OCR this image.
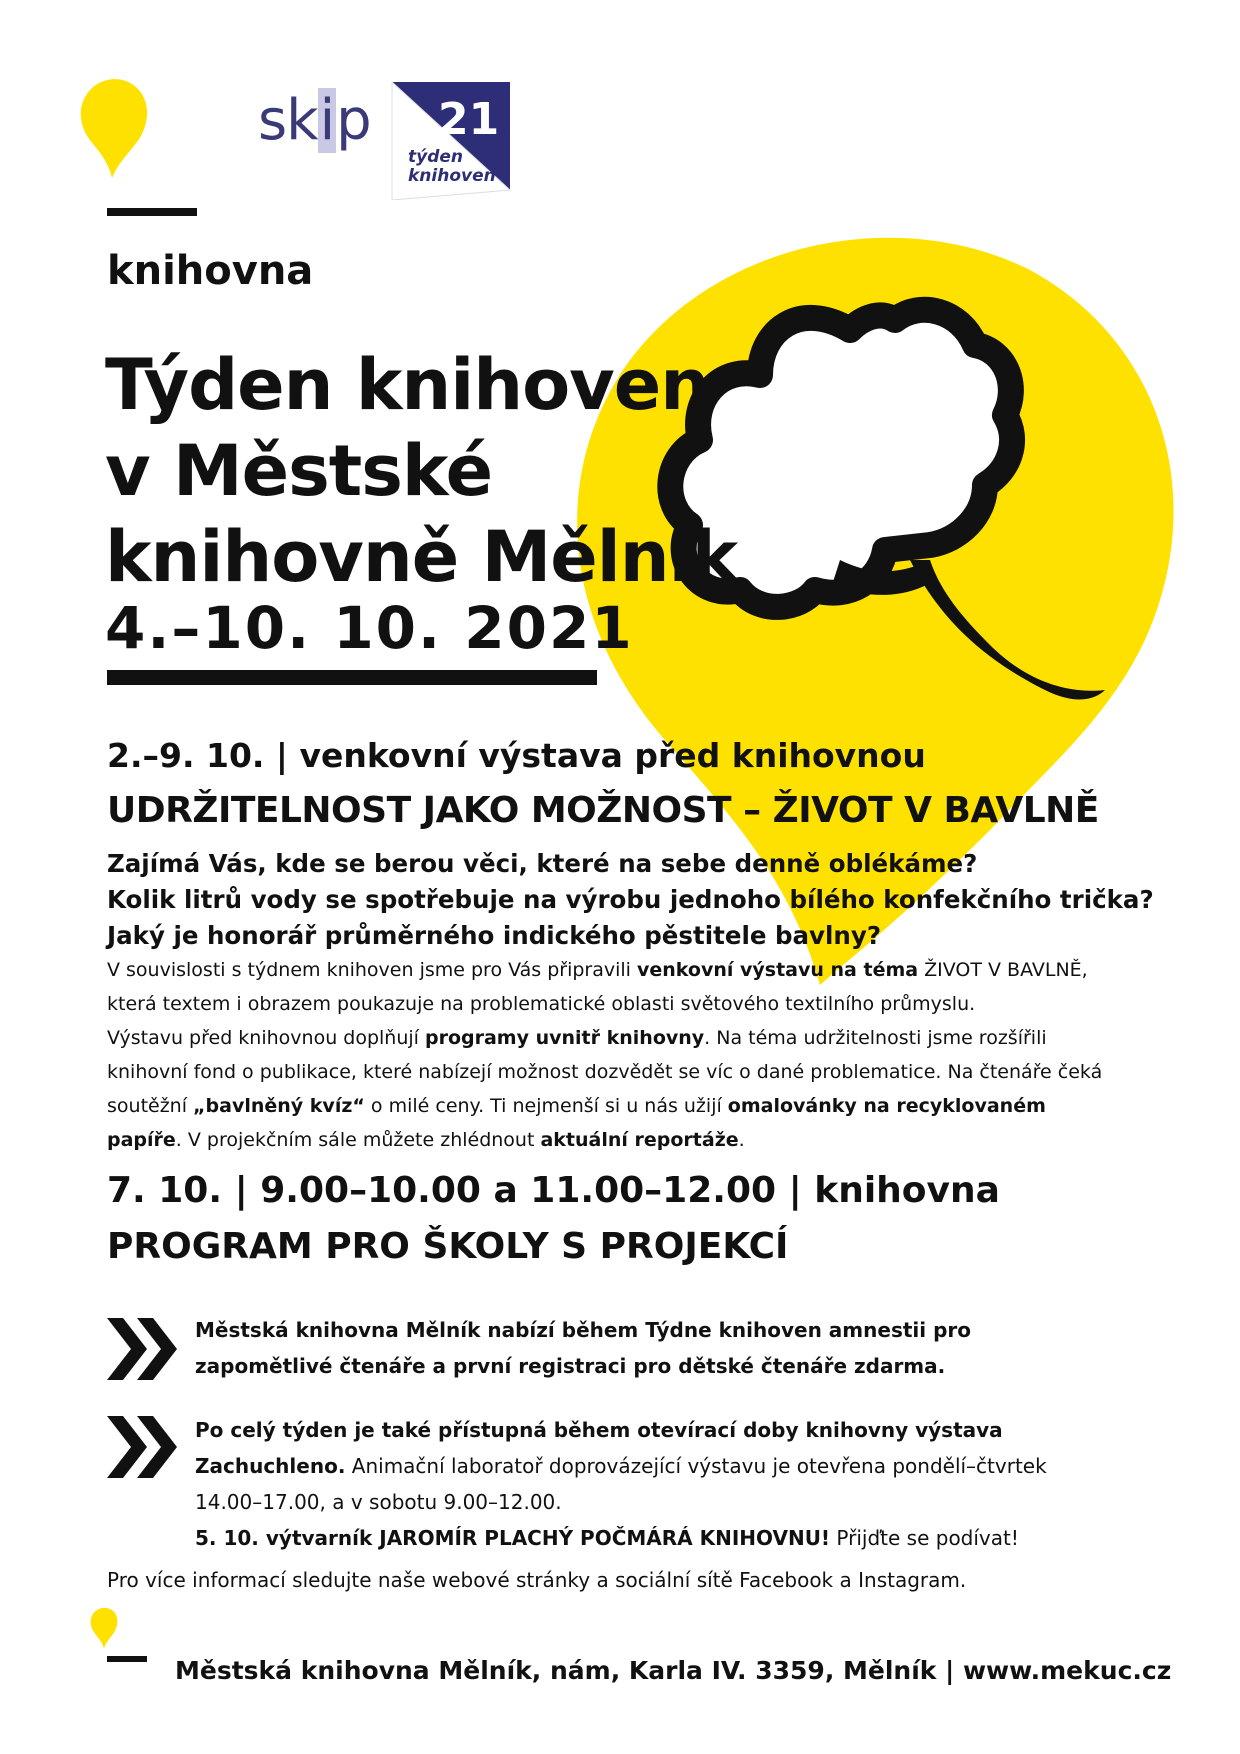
skip 21
týden
knihoven
knihovna
Týden knihoven
v Městské
knihovně Mělník
4.–10. 10. 2021
2.–9. 10. | venkovní výstava před knihovnou
UDRŽITELNOST JAKO MOŽNOST – ŽIVOT V BAVLNĚ
Zajímá Vás, kde se berou věci, které na sebe denně oblékáme?
Kolik litrů vody se spotřebuje na výrobu jednoho bílého konfekčního trička?
Jaký je honorář průměrného indického pěstitele bavlny?
V souvislosti s týdnem knihoven jsme pro Vás připravili venkovní výstavu na téma ŽIVOT V BAVLNĚ,
která textem i obrazem poukazuje na problematické oblasti světového textilního průmyslu.
Výstavu před knihovnou doplňují programy uvnitř knihovny. Na téma udržitelnosti jsme rozšířili
knihovní fond o publikace, které nabízejí možnost dozvědět se víc o dané problematice. Na čtenáře čeká
soutěžní „bavlněný kvíz“ o milé ceny. Ti nejmenší si u nás užijí omalovánky na recyklovaném
papíře. V projekčním sále můžete zhlédnout aktuální reportáže.
7. 10. | 9.00–10.00 a 11.00–12.00 | knihovna
PROGRAM PRO ŠKOLY S PROJEKCÍ
Městská knihovna Mělník nabízí během Týdne knihoven amnestii pro
zapomětlivé čtenáře a první registraci pro dětské čtenáře zdarma.
Po celý týden je také přístupná během otevírací doby knihovny výstava
Zachuchleno. Animační laboratoř doprovázející výstavu je otevřena pondělí–čtvrtek
14.00–17.00, a v sobotu 9.00–12.00.
5. 10. výtvarník JAROMÍR PLACHÝ POČMÁRÁ KNIHOVNU! Přijďte se podívat!
Pro více informací sledujte naše webové stránky a sociální sítě Facebook a Instagram.
Městská knihovna Mělník, nám, Karla IV. 3359, Mělník | www.mekuc.cz
